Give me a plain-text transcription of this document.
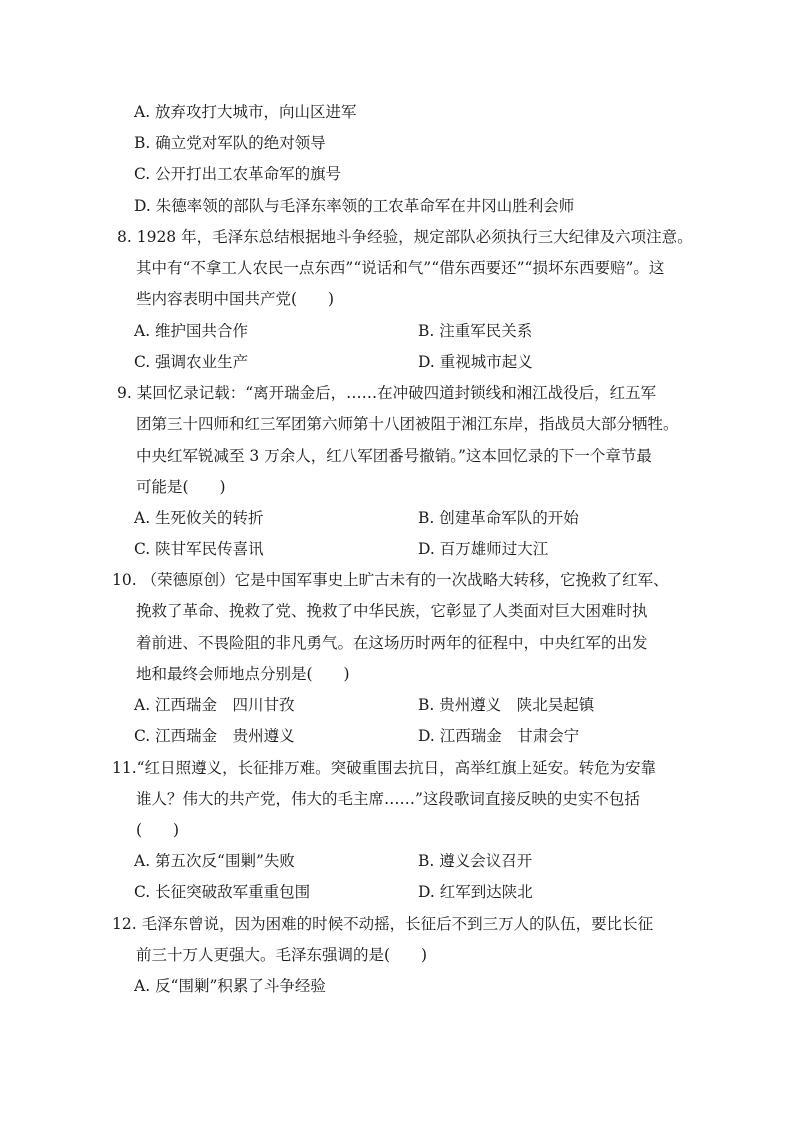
A. 放弃攻打大城市，向山区进军
B. 确立党对军队的绝对领导
C. 公开打出工农革命军的旗号
D. 朱德率领的部队与毛泽东率领的工农革命军在井冈山胜利会师
8. 1928 年，毛泽东总结根据地斗争经验，规定部队必须执行三大纪律及六项注意。
其中有“不拿工人农民一点东西”“说话和气”“借东西要还”“损坏东西要赔”。这
些内容表明中国共产党(　　)
A. 维护国共合作	B. 注重军民关系
C. 强调农业生产	D. 重视城市起义
9. 某回忆录记载：“离开瑞金后，……在冲破四道封锁线和湘江战役后，红五军
团第三十四师和红三军团第六师第十八团被阻于湘江东岸，指战员大部分牺牲。
中央红军锐减至 3 万余人，红八军团番号撤销。”这本回忆录的下一个章节最
可能是(　　)
A. 生死攸关的转折	B. 创建革命军队的开始
C. 陕甘军民传喜讯	D. 百万雄师过大江
10. （荣德原创）它是中国军事史上旷古未有的一次战略大转移，它挽救了红军、
挽救了革命、挽救了党、挽救了中华民族，它彰显了人类面对巨大困难时执
着前进、不畏险阻的非凡勇气。在这场历时两年的征程中，中央红军的出发
地和最终会师地点分别是(　　)
A. 江西瑞金　四川甘孜	B. 贵州遵义　陕北吴起镇
C. 江西瑞金　贵州遵义	D. 江西瑞金　甘肃会宁
11.“红日照遵义，长征排万难。突破重围去抗日，高举红旗上延安。转危为安靠
谁人？伟大的共产党，伟大的毛主席……”这段歌词直接反映的史实不包括
(　　)
A. 第五次反“围剿”失败	B. 遵义会议召开
C. 长征突破敌军重重包围	D. 红军到达陕北
12. 毛泽东曾说，因为困难的时候不动摇，长征后不到三万人的队伍，要比长征
前三十万人更强大。毛泽东强调的是(　　)
A. 反“围剿”积累了斗争经验
